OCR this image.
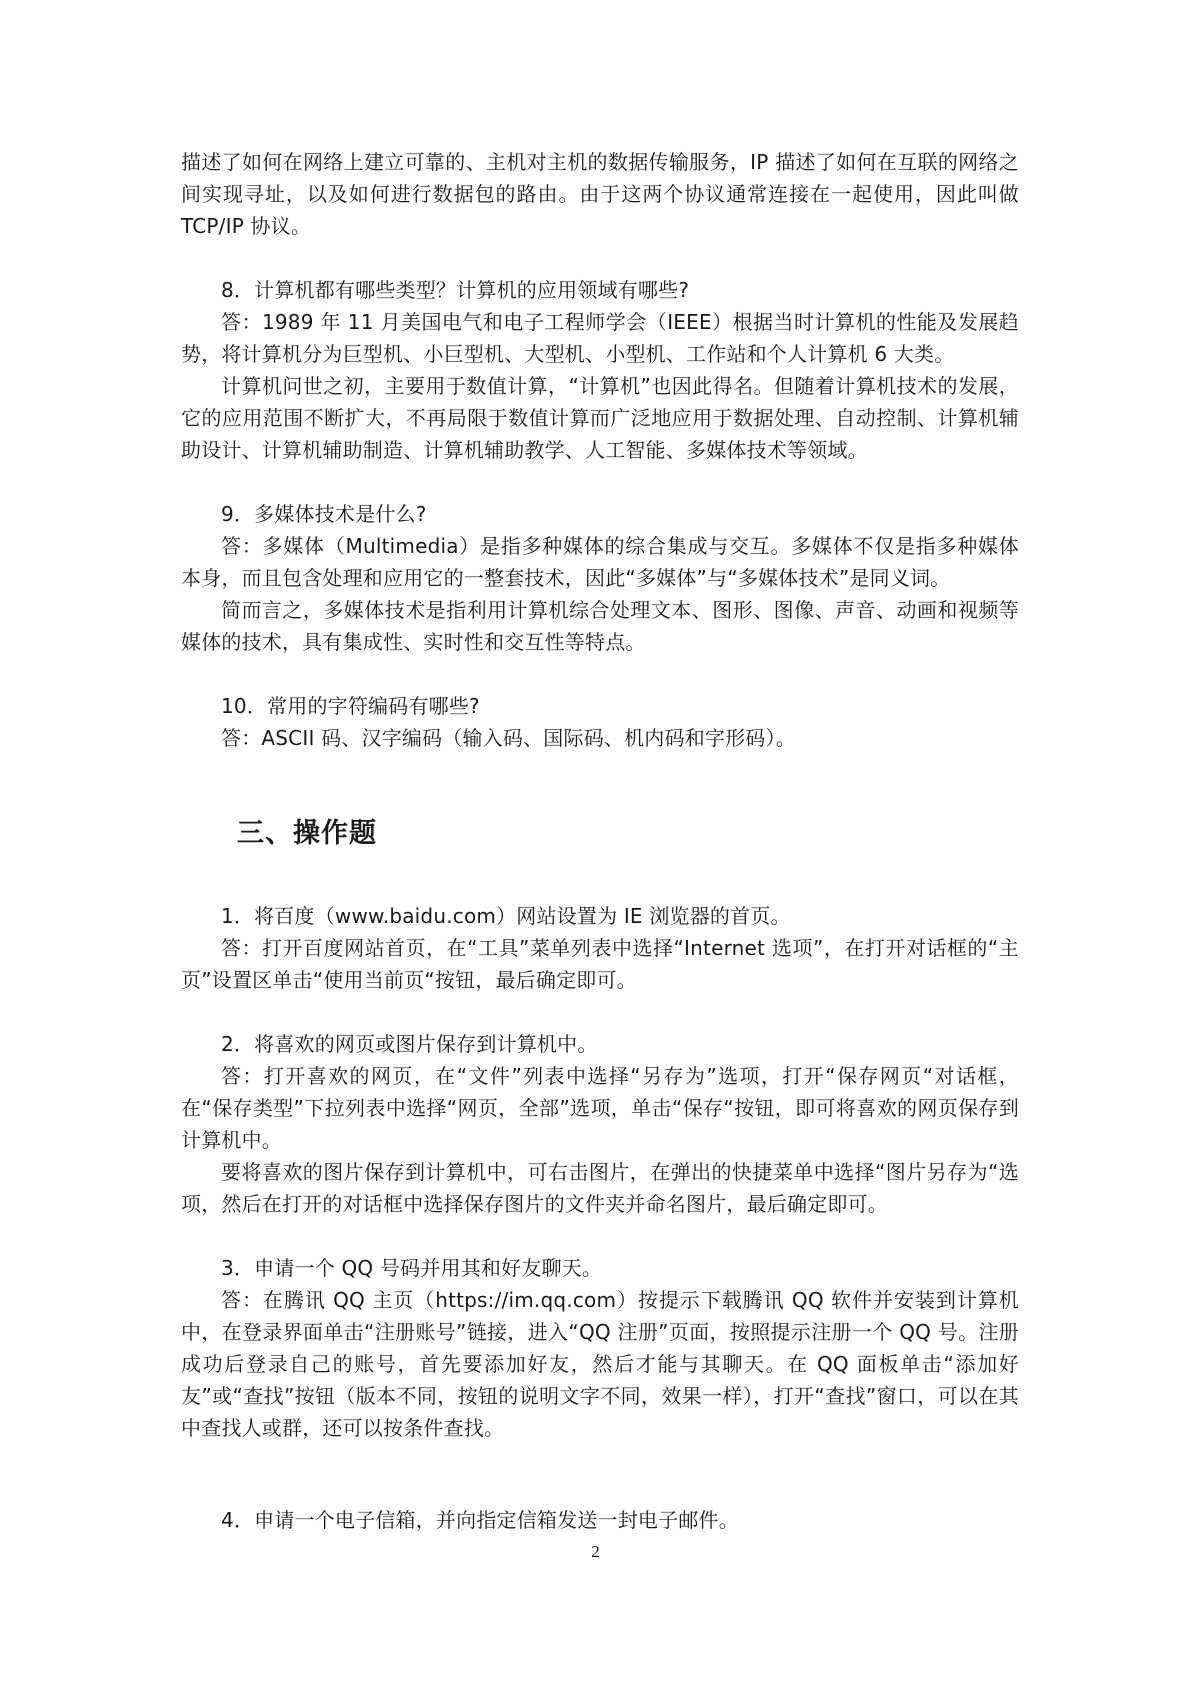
描述了如何在网络上建立可靠的、主机对主机的数据传输服务，IP 描述了如何在互联的网络之间实现寻址，以及如何进行数据包的路由。由于这两个协议通常连接在一起使用，因此叫做 TCP/IP 协议。

8．计算机都有哪些类型？计算机的应用领域有哪些?

答：1989 年 11 月美国电气和电子工程师学会（IEEE）根据当时计算机的性能及发展趋势，将计算机分为巨型机、小巨型机、大型机、小型机、工作站和个人计算机 6 大类。

计算机问世之初，主要用于数值计算，“计算机”也因此得名。但随着计算机技术的发展，它的应用范围不断扩大，不再局限于数值计算而广泛地应用于数据处理、自动控制、计算机辅助设计、计算机辅助制造、计算机辅助教学、人工智能、多媒体技术等领域。

9．多媒体技术是什么?

答：多媒体（Multimedia）是指多种媒体的综合集成与交互。多媒体不仅是指多种媒体本身，而且包含处理和应用它的一整套技术，因此“多媒体”与“多媒体技术”是同义词。

简而言之，多媒体技术是指利用计算机综合处理文本、图形、图像、声音、动画和视频等媒体的技术，具有集成性、实时性和交互性等特点。

10．常用的字符编码有哪些?

答：ASCII 码、汉字编码（输入码、国际码、机内码和字形码）。

三、操作题

1．将百度（www.baidu.com）网站设置为 IE 浏览器的首页。

答：打开百度网站首页，在“工具”菜单列表中选择“Internet 选项”，在打开对话框的“主页”设置区单击“使用当前页“按钮，最后确定即可。

2．将喜欢的网页或图片保存到计算机中。

答：打开喜欢的网页，在“文件”列表中选择“另存为”选项，打开“保存网页“对话框，在“保存类型”下拉列表中选择“网页，全部”选项，单击“保存“按钮，即可将喜欢的网页保存到计算机中。

要将喜欢的图片保存到计算机中，可右击图片，在弹出的快捷菜单中选择“图片另存为“选项，然后在打开的对话框中选择保存图片的文件夹并命名图片，最后确定即可。

3．申请一个 QQ 号码并用其和好友聊天。

答：在腾讯 QQ 主页（https://im.qq.com）按提示下载腾讯 QQ 软件并安装到计算机中，在登录界面单击“注册账号”链接，进入“QQ 注册”页面，按照提示注册一个 QQ 号。注册成功后登录自己的账号，首先要添加好友，然后才能与其聊天。在 QQ 面板单击“添加好友”或“查找”按钮（版本不同，按钮的说明文字不同，效果一样），打开“查找”窗口，可以在其中查找人或群，还可以按条件查找。

4．申请一个电子信箱，并向指定信箱发送一封电子邮件。

2
